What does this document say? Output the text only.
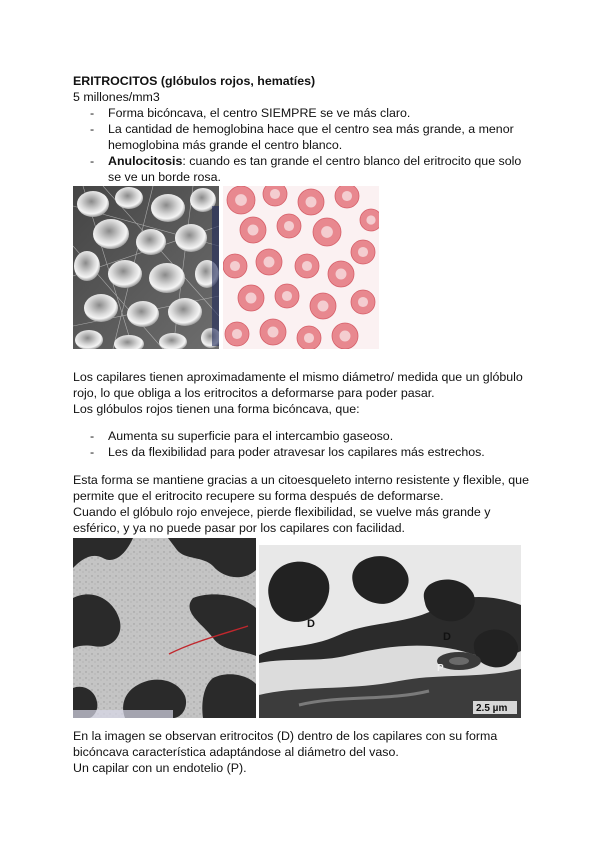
ERITROCITOS (glóbulos rojos, hematíes)
5 millones/mm3
- Forma bicóncava, el centro SIEMPRE se ve más claro.
- La cantidad de hemoglobina hace que el centro sea más grande, a menor
hemoglobina más grande el centro blanco.
- Anulocitosis: cuando es tan grande el centro blanco del eritrocito que solo
se ve un borde rosa.
Los capilares tienen aproximadamente el mismo diámetro/ medida que un glóbulo
rojo, lo que obliga a los eritrocitos a deformarse para poder pasar.
Los glóbulos rojos tienen una forma bicóncava, que:
- Aumenta su superficie para el intercambio gaseoso.
- Les da flexibilidad para poder atravesar los capilares más estrechos.
Esta forma se mantiene gracias a un citoesqueleto interno resistente y flexible, que
permite que el eritrocito recupere su forma después de deformarse.
Cuando el glóbulo rojo envejece, pierde flexibilidad, se vuelve más grande y
esférico, y ya no puede pasar por los capilares con facilidad.
D
D
P
2.5 µm
En la imagen se observan eritrocitos (D) dentro de los capilares con su forma
bicóncava característica adaptándose al diámetro del vaso.
Un capilar con un endotelio (P).
